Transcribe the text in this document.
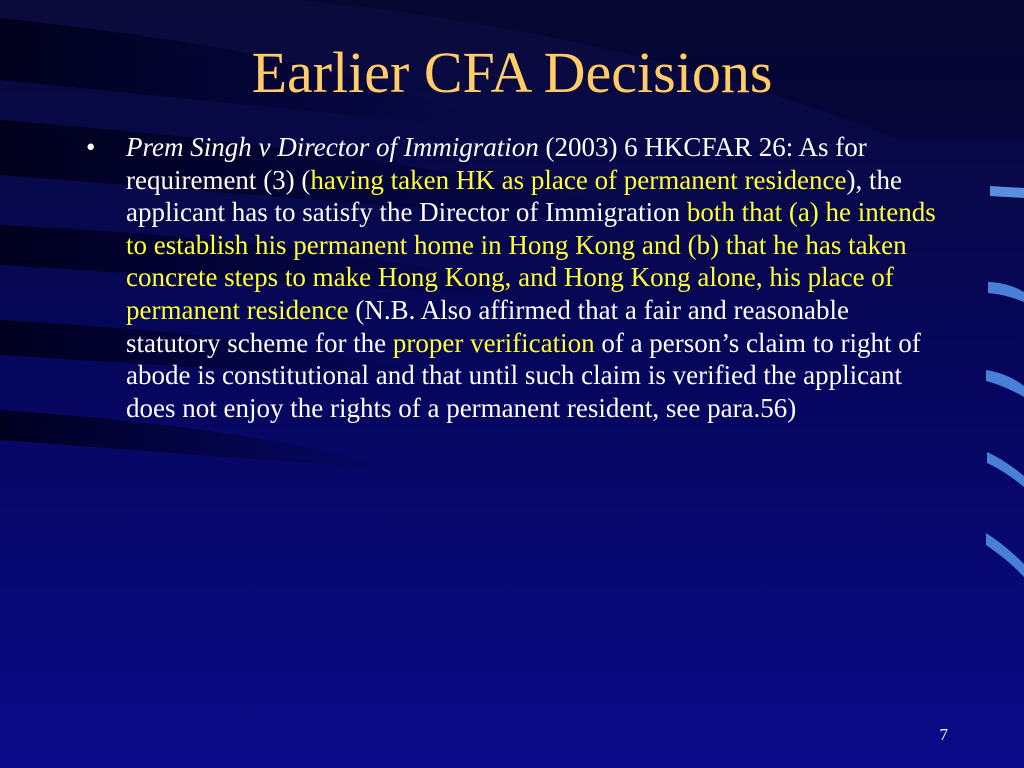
Earlier CFA Decisions
• Prem Singh v Director of Immigration (2003) 6 HKCFAR 26: As for requirement (3) (having taken HK as place of permanent residence), the applicant has to satisfy the Director of Immigration both that (a) he intends to establish his permanent home in Hong Kong and (b) that he has taken concrete steps to make Hong Kong, and Hong Kong alone, his place of permanent residence (N.B. Also affirmed that a fair and reasonable statutory scheme for the proper verification of a person’s claim to right of abode is constitutional and that until such claim is verified the applicant does not enjoy the rights of a permanent resident, see para.56)
7
